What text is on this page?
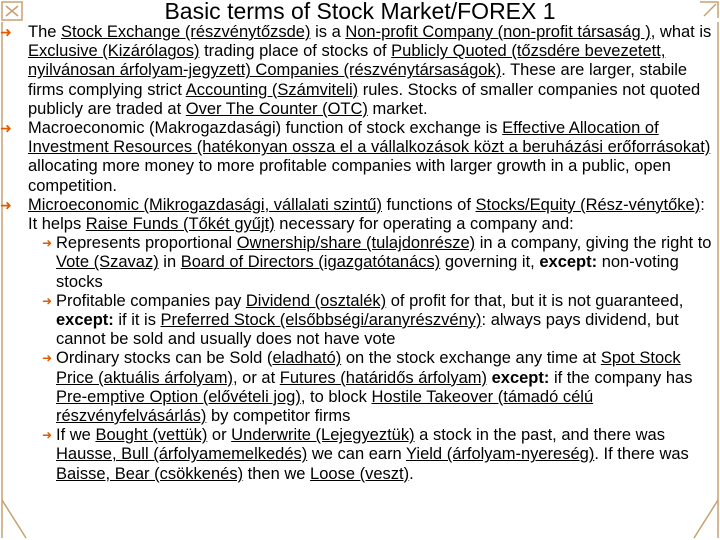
Basic terms of Stock Market/FOREX 1
➜ The Stock Exchange (részvénytőzsde) is a Non-profit Company (non-profit társaság ), what is Exclusive (Kizárólagos) trading place of stocks of Publicly Quoted (tőzsdére bevezetett, nyilvánosan árfolyam-jegyzett) Companies (részvénytársaságok). These are larger, stabile firms complying strict Accounting (Számviteli) rules. Stocks of smaller companies not quoted publicly are traded at Over The Counter (OTC) market.
➜ Macroeconomic (Makrogazdasági) function of stock exchange is Effective Allocation of Investment Resources (hatékonyan ossza el a vállalkozások közt a beruházási erőforrásokat) allocating more money to more profitable companies with larger growth in a public, open competition.
➜ Microeconomic (Mikrogazdasági, vállalati szintű) functions of Stocks/Equity (Rész-vénytőke): It helps Raise Funds (Tőkét gyűjt) necessary for operating a company and:
➜ Represents proportional Ownership/share (tulajdonrésze) in a company, giving the right to Vote (Szavaz) in Board of Directors (igazgatótanács) governing it, except: non-voting stocks
➜ Profitable companies pay Dividend (osztalék) of profit for that, but it is not guaranteed, except: if it is Preferred Stock (elsőbbségi/aranyrészvény): always pays dividend, but cannot be sold and usually does not have vote
➜ Ordinary stocks can be Sold (eladható) on the stock exchange any time at Spot Stock Price (aktuális árfolyam), or at Futures (határidős árfolyam) except: if the company has Pre-emptive Option (elővételi jog), to block Hostile Takeover (támadó célú részvényfelvásárlás) by competitor firms
➜ If we Bought (vettük) or Underwrite (Lejegyeztük) a stock in the past, and there was Hausse, Bull (árfolyamemelkedés) we can earn Yield (árfolyam-nyereség). If there was Baisse, Bear (csökkenés) then we Loose (veszt).
